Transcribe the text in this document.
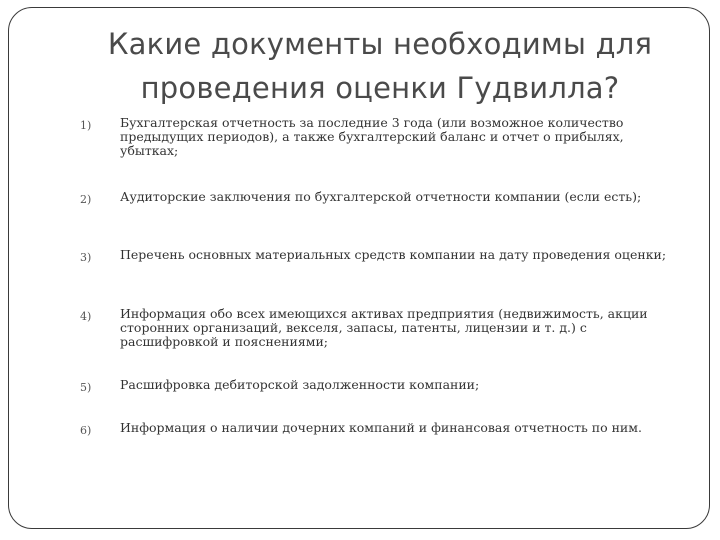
Какие документы необходимы для
проведения оценки Гудвилла?
1) Бухгалтерская отчетность за последние 3 года (или возможное количество предыдущих периодов), а также бухгалтерский баланс и отчет о прибылях, убытках;
2) Аудиторские заключения по бухгалтерской отчетности компании (если есть);
3) Перечень основных материальных средств компании на дату проведения оценки;
4) Информация обо всех имеющихся активах предприятия (недвижимость, акции сторонних организаций, векселя, запасы, патенты, лицензии и т. д.) с расшифровкой и пояснениями;
5) Расшифровка дебиторской задолженности компании;
6) Информация о наличии дочерних компаний и финансовая отчетность по ним.
